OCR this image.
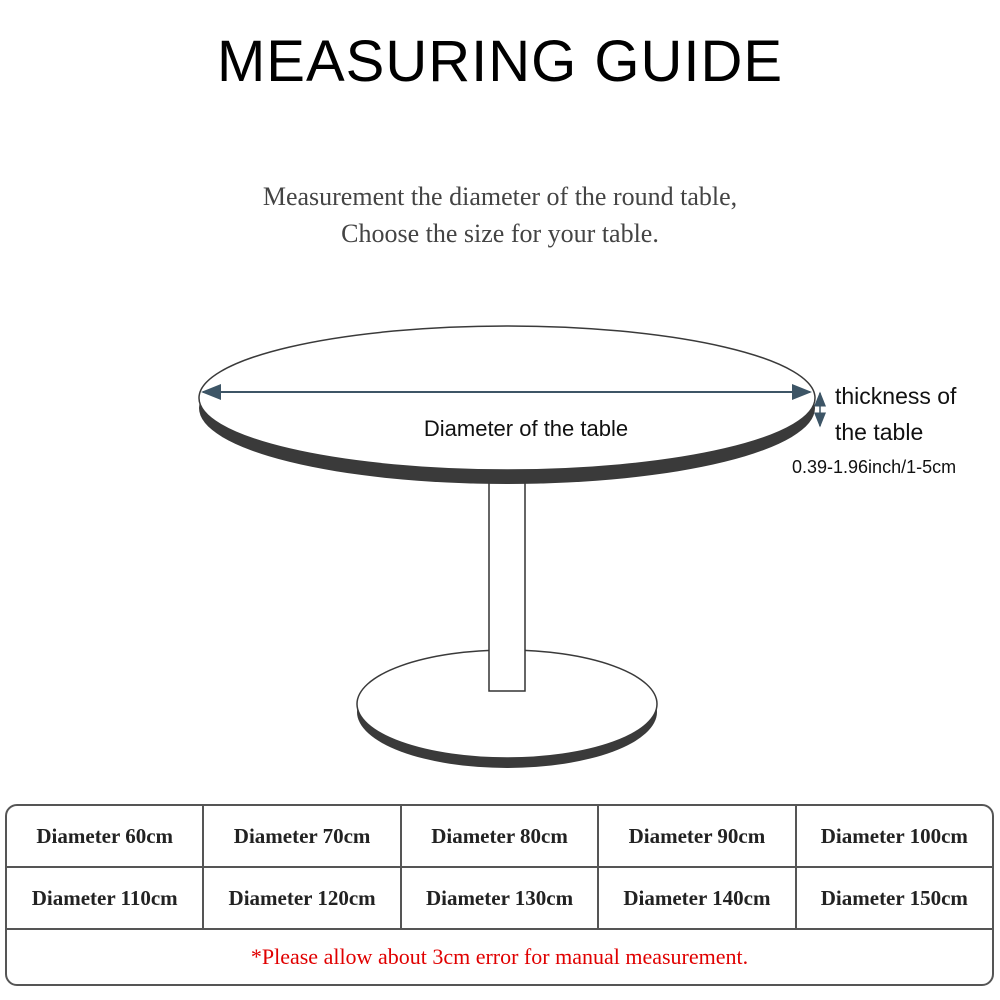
MEASURING GUIDE
Measurement the diameter of the round table,
Choose the size for your table.
Diameter of the table
thickness of
the table
0.39-1.96inch/1-5cm
Diameter 60cm	Diameter 70cm	Diameter 80cm	Diameter 90cm	Diameter 100cm
Diameter 110cm	Diameter 120cm	Diameter 130cm	Diameter 140cm	Diameter 150cm
*Please allow about 3cm error for manual measurement.
